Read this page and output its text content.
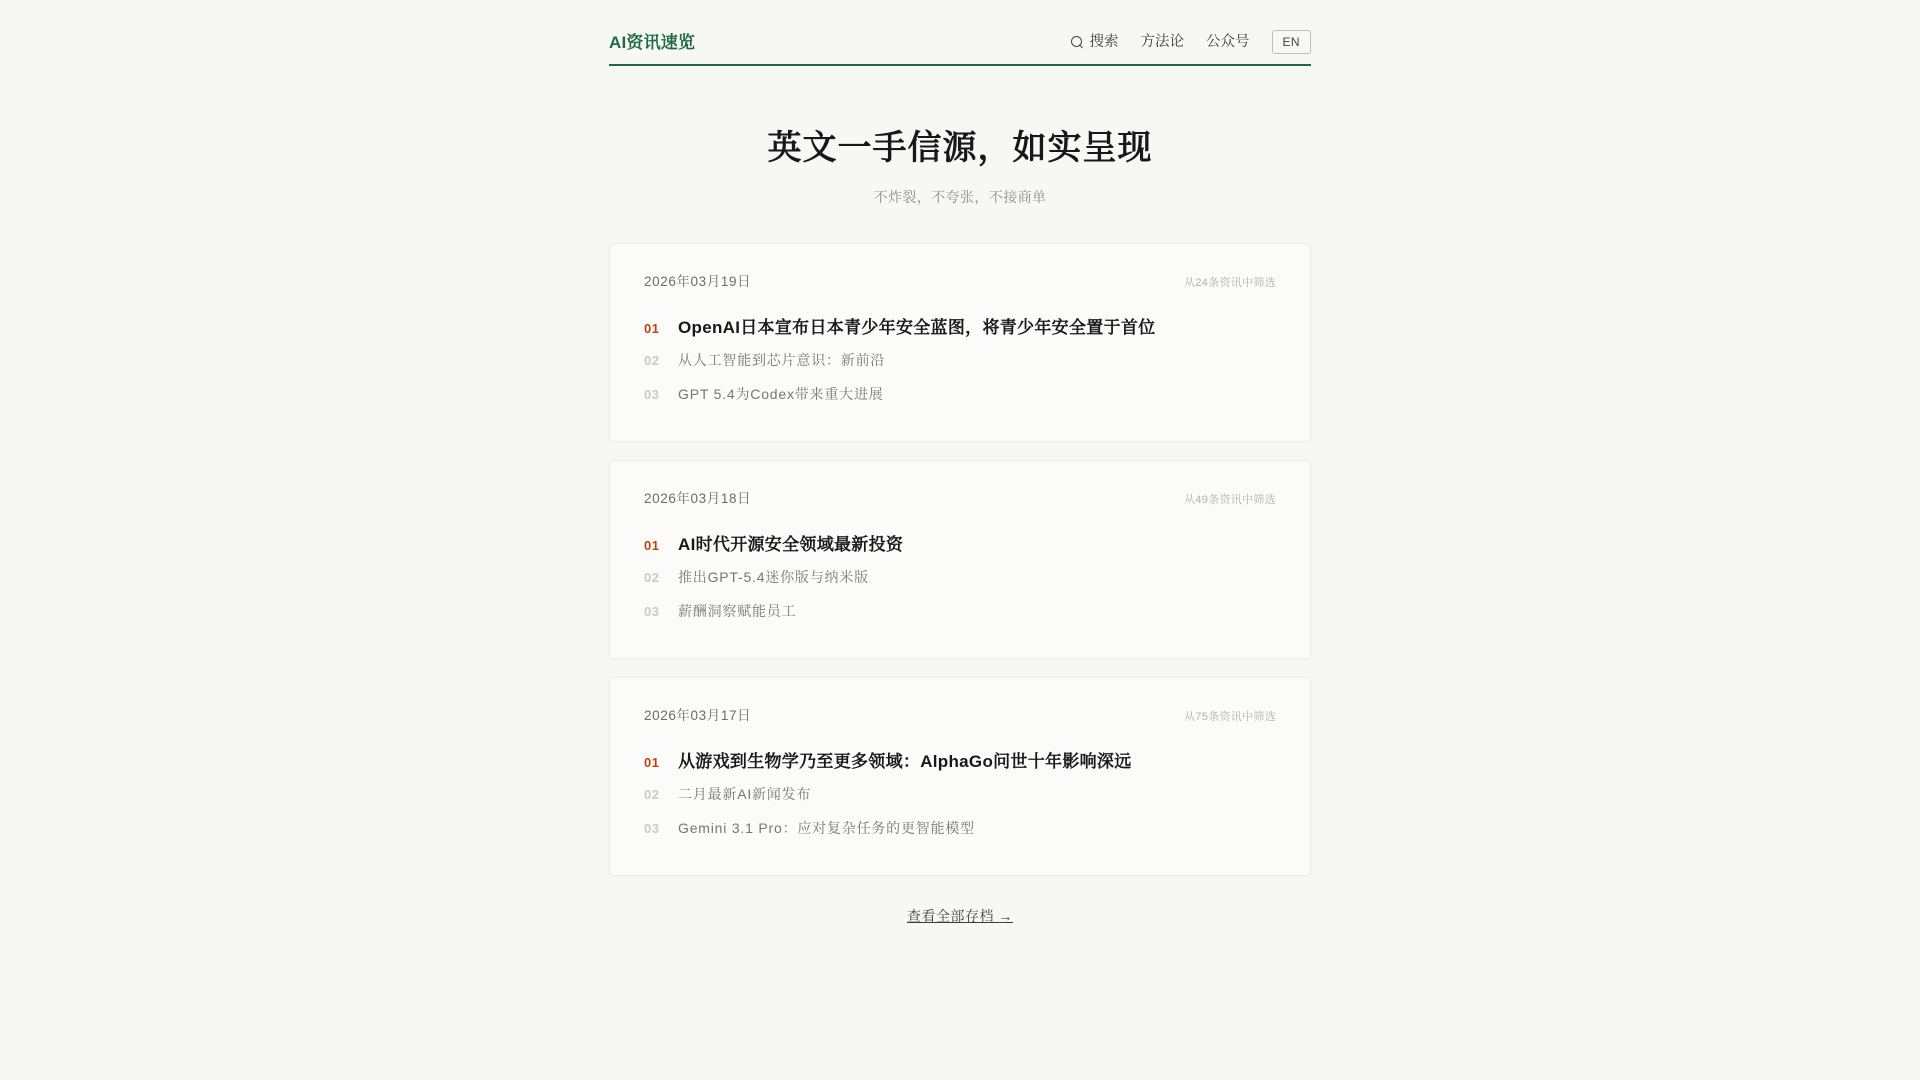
AI资讯速览	搜索 方法论 公众号	EN
英文一手信源，如实呈现
不炸裂，不夸张，不接商单
2026年03月19日	从24条资讯中筛选
01 OpenAI日本宣布日本青少年安全蓝图，将青少年安全置于首位
02	从人工智能到芯片意识：新前沿
03	GPT 5.4为Codex带来重大进展
2026年03月18日	从49条资讯中筛选
01 AI时代开源安全领域最新投资
02	推出GPT-5.4迷你版与纳米版
03	薪酬洞察赋能员工
2026年03月17日	从75条资讯中筛选
01 从游戏到生物学乃至更多领域：AlphaGo问世十年影响深远
02	二月最新AI新闻发布
03	Gemini 3.1 Pro：应对复杂任务的更智能模型
查看全部存档 →
